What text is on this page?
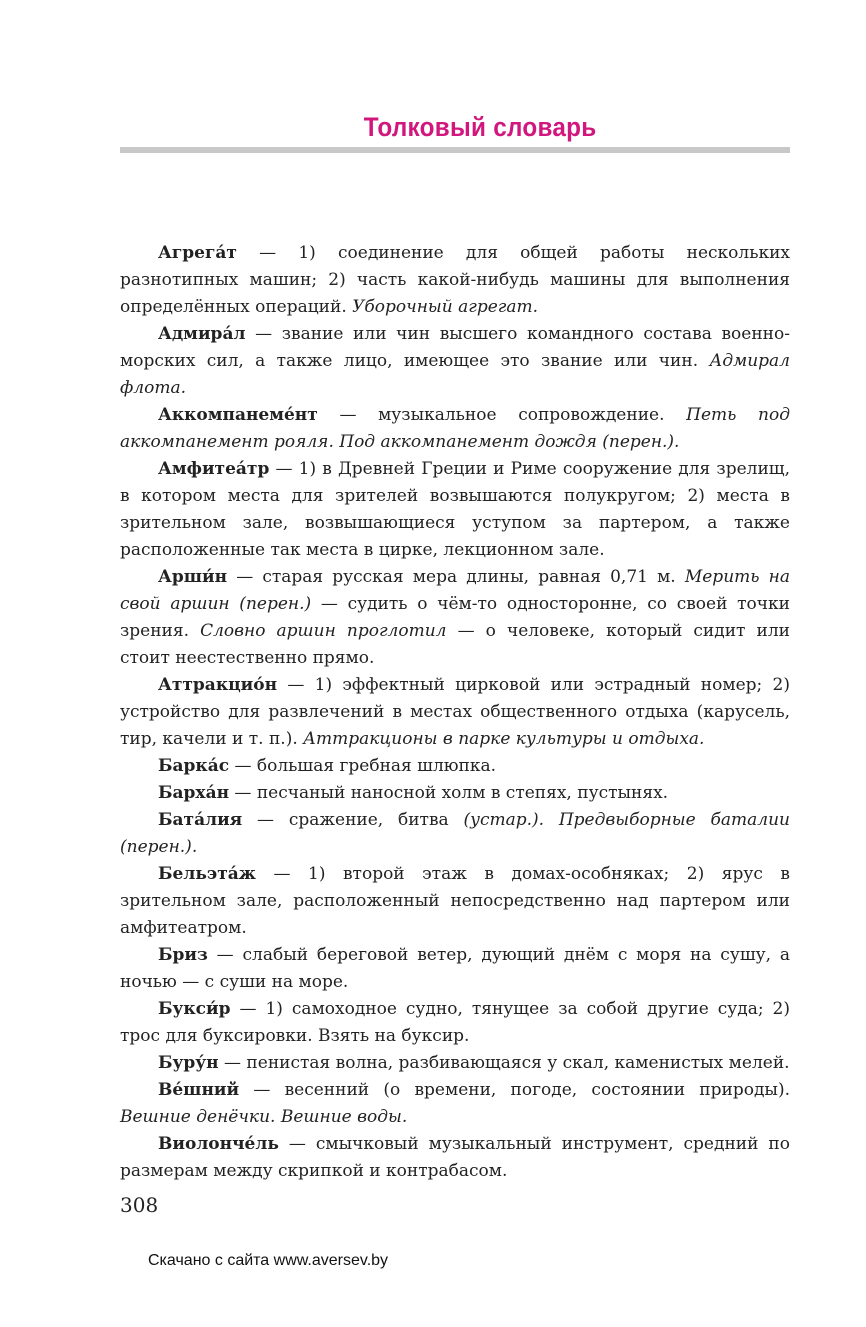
Толковый словарь

Агрега́т — 1) соединение для общей работы нескольких разнотипных машин; 2) часть какой-нибудь машины для выполнения определённых операций. Уборочный агрегат.

Адмира́л — звание или чин высшего командного состава военно-морских сил, а также лицо, имеющее это звание или чин. Адмирал флота.

Аккомпанеме́нт — музыкальное сопровождение. Петь под аккомпанемент рояля. Под аккомпанемент дождя (перен.).

Амфитеа́тр — 1) в Древней Греции и Риме сооружение для зрелищ, в котором места для зрителей возвышаются полукругом; 2) места в зрительном зале, возвышающиеся уступом за партером, а также расположенные так места в цирке, лекционном зале.

Арши́н — старая русская мера длины, равная 0,71 м. Мерить на свой аршин (перен.) — судить о чём-то односторонне, со своей точки зрения. Словно аршин проглотил — о человеке, который сидит или стоит неестественно прямо.

Аттракцио́н — 1) эффектный цирковой или эстрадный номер; 2) устройство для развлечений в местах общественного отдыха (карусель, тир, качели и т. п.). Аттракционы в парке культуры и отдыха.

Барка́с — большая гребная шлюпка.

Барха́н — песчаный наносной холм в степях, пустынях.

Бата́лия — сражение, битва (устар.). Предвыборные баталии (перен.).

Бельэта́ж — 1) второй этаж в домах-особняках; 2) ярус в зрительном зале, расположенный непосредственно над партером или амфитеатром.

Бриз — слабый береговой ветер, дующий днём с моря на сушу, а ночью — с суши на море.

Букси́р — 1) самоходное судно, тянущее за собой другие суда; 2) трос для буксировки. Взять на буксир.

Буру́н — пенистая волна, разбивающаяся у скал, каменистых мелей.

Ве́шний — весенний (о времени, погоде, состоянии природы). Вешние денёчки. Вешние воды.

Виолонче́ль — смычковый музыкальный инструмент, средний по размерам между скрипкой и контрабасом.

308
Скачано с сайта www.aversev.by
